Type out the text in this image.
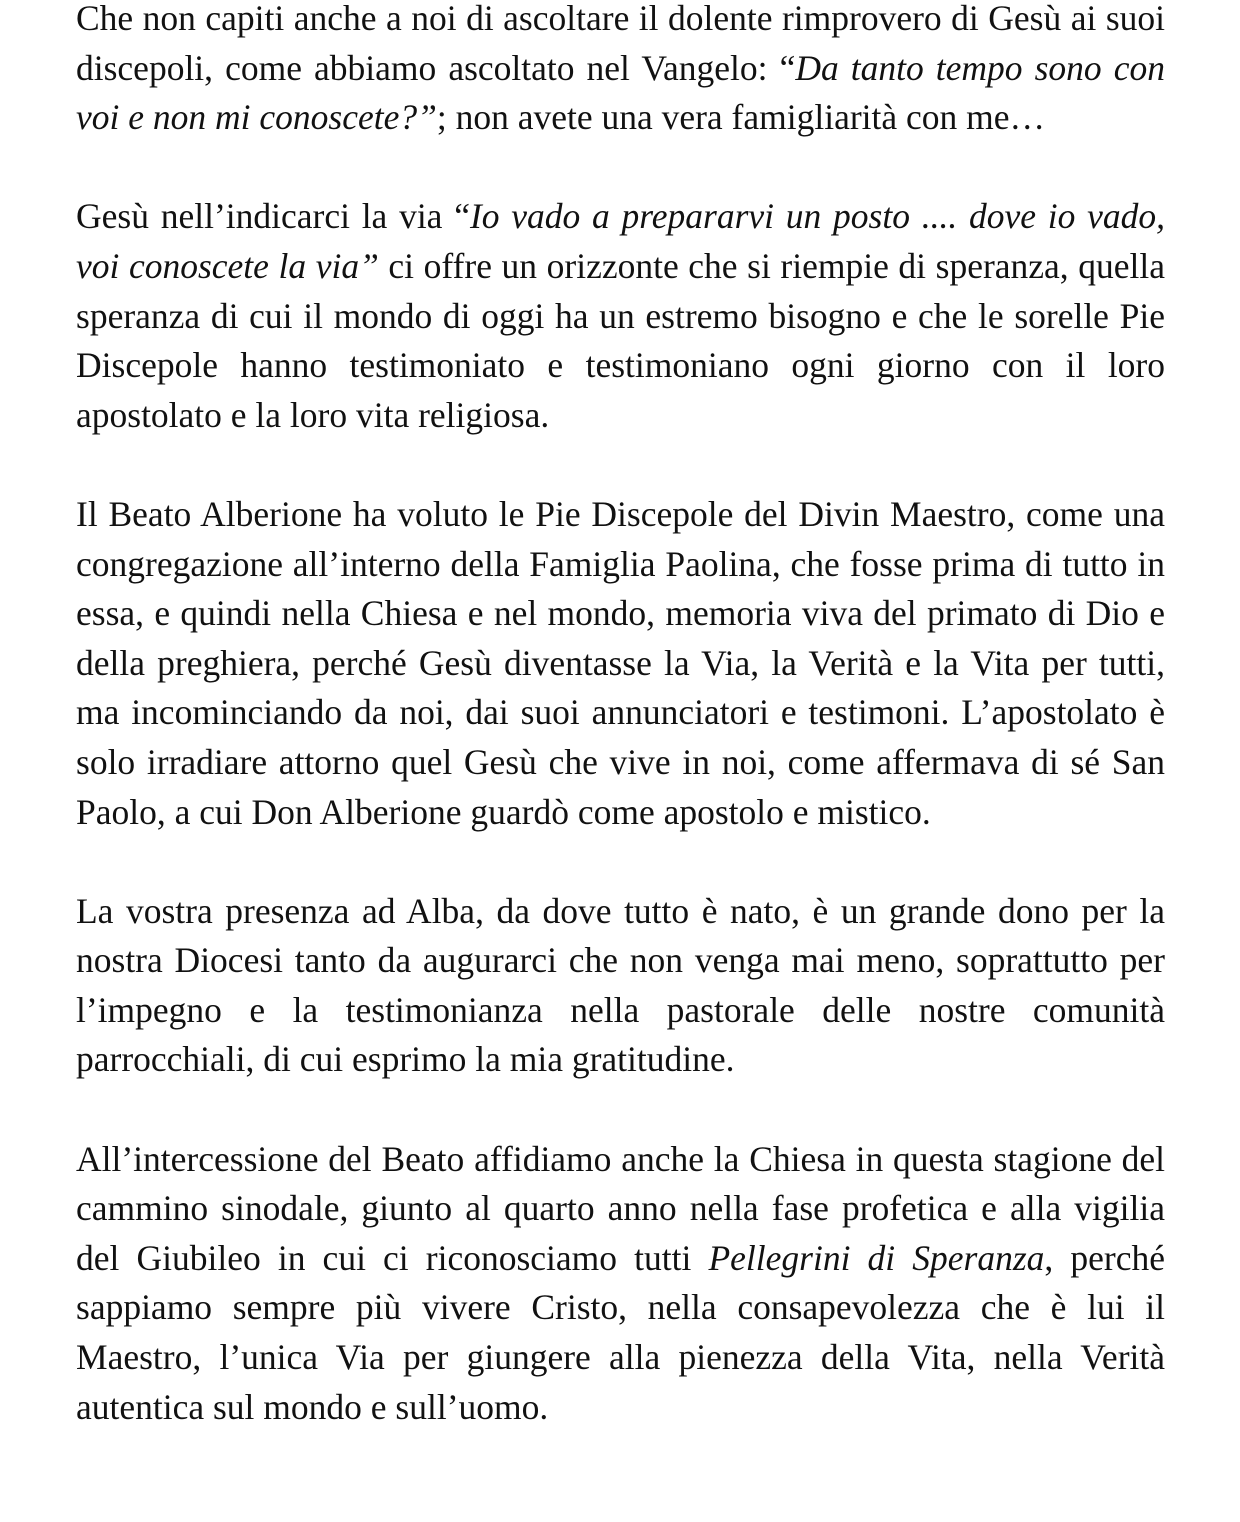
Che non capiti anche a noi di ascoltare il dolente rimprovero di Gesù ai suoi discepoli, come abbiamo ascoltato nel Vangelo: “Da tanto tempo sono con voi e non mi conoscete?”; non avete una vera famigliarità con me…

Gesù nell’indicarci la via “Io vado a prepararvi un posto .... dove io vado, voi conoscete la via” ci offre un orizzonte che si riempie di speranza, quella speranza di cui il mondo di oggi ha un estremo bisogno e che le sorelle Pie Discepole hanno testimoniato e testimoniano ogni giorno con il loro apostolato e la loro vita religiosa.

Il Beato Alberione ha voluto le Pie Discepole del Divin Maestro, come una congregazione all’interno della Famiglia Paolina, che fosse prima di tutto in essa, e quindi nella Chiesa e nel mondo, memoria viva del primato di Dio e della preghiera, perché Gesù diventasse la Via, la Verità e la Vita per tutti, ma incominciando da noi, dai suoi annunciatori e testimoni. L’apostolato è solo irradiare attorno quel Gesù che vive in noi, come affermava di sé San Paolo, a cui Don Alberione guardò come apostolo e mistico.

La vostra presenza ad Alba, da dove tutto è nato, è un grande dono per la nostra Diocesi tanto da augurarci che non venga mai meno, soprattutto per l’impegno e la testimonianza nella pastorale delle nostre comunità parrocchiali, di cui esprimo la mia gratitudine.

All’intercessione del Beato affidiamo anche la Chiesa in questa stagione del cammino sinodale, giunto al quarto anno nella fase profetica e alla vigilia del Giubileo in cui ci riconosciamo tutti Pellegrini di Speranza, perché sappiamo sempre più vivere Cristo, nella consapevolezza che è lui il Maestro, l’unica Via per giungere alla pienezza della Vita, nella Verità autentica sul mondo e sull’uomo.
